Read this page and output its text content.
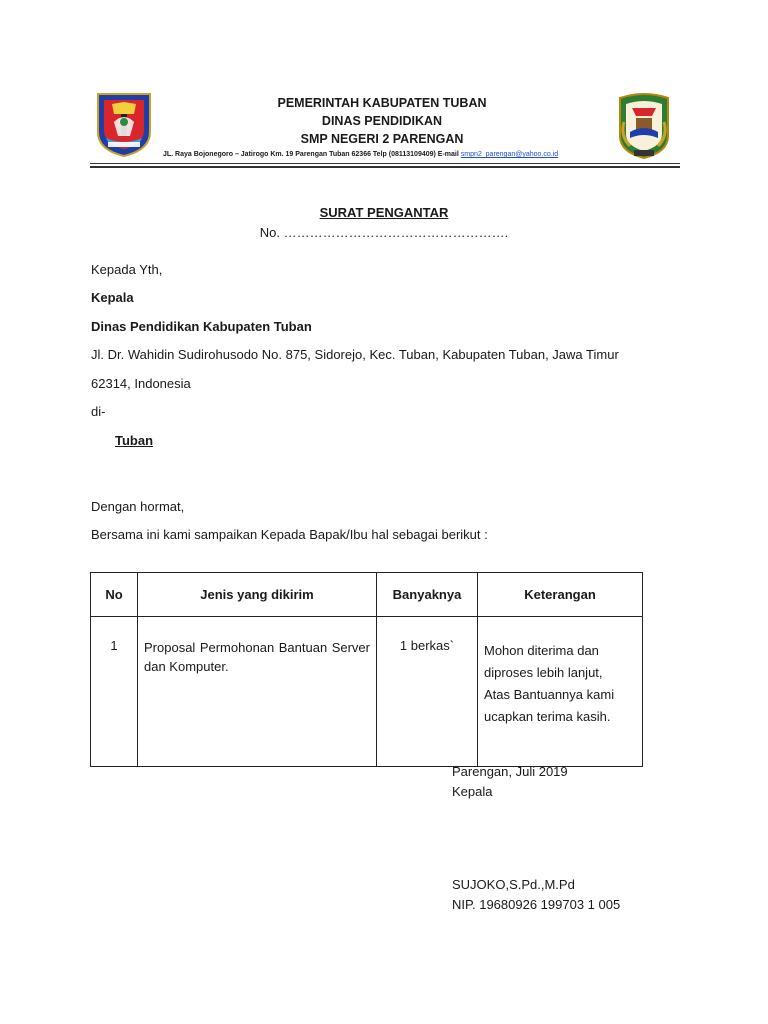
PEMERINTAH KABUPATEN TUBAN
DINAS PENDIDIKAN
SMP NEGERI 2 PARENGAN
JL. Raya Bojonegoro – Jatirogo Km. 19 Parengan Tuban 62366 Telp (08113109409) E-mail smpn2_parengan@yahoo.co.id
SURAT PENGANTAR
No. …………………………………………….
Kepada Yth,
Kepala
Dinas Pendidikan Kabupaten Tuban
Jl. Dr. Wahidin Sudirohusodo No. 875, Sidorejo, Kec. Tuban, Kabupaten Tuban, Jawa Timur
62314, Indonesia
di-
Tuban
Dengan hormat,
Bersama ini kami sampaikan Kepada Bapak/Ibu hal sebagai berikut :
No	Jenis yang dikirim	Banyaknya	Keterangan
1	Proposal Permohonan Bantuan Server dan Komputer.	1 berkas`	Mohon diterima dan
diproses lebih lanjut,
Atas Bantuannya kami
ucapkan terima kasih.
Parengan, Juli 2019
Kepala
SUJOKO,S.Pd.,M.Pd
NIP. 19680926 199703 1 005
